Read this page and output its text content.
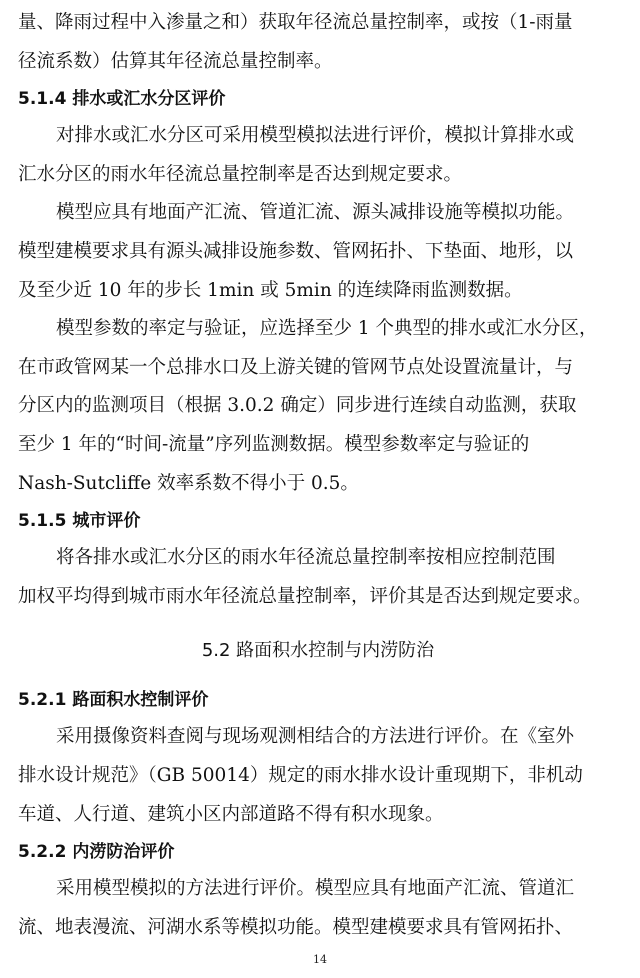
量、降雨过程中入渗量之和）获取年径流总量控制率，或按（1-雨量
径流系数）估算其年径流总量控制率。
5.1.4 排水或汇水分区评价
对排水或汇水分区可采用模型模拟法进行评价，模拟计算排水或
汇水分区的雨水年径流总量控制率是否达到规定要求。
模型应具有地面产汇流、管道汇流、源头减排设施等模拟功能。
模型建模要求具有源头减排设施参数、管网拓扑、下垫面、地形，以
及至少近 10 年的步长 1min 或 5min 的连续降雨监测数据。
模型参数的率定与验证，应选择至少 1 个典型的排水或汇水分区，
在市政管网某一个总排水口及上游关键的管网节点处设置流量计，与
分区内的监测项目（根据 3.0.2 确定）同步进行连续自动监测，获取
至少 1 年的“时间-流量”序列监测数据。模型参数率定与验证的
Nash-Sutcliffe 效率系数不得小于 0.5。
5.1.5 城市评价
将各排水或汇水分区的雨水年径流总量控制率按相应控制范围
加权平均得到城市雨水年径流总量控制率，评价其是否达到规定要求。
5.2 路面积水控制与内涝防治
5.2.1 路面积水控制评价
采用摄像资料查阅与现场观测相结合的方法进行评价。在《室外
排水设计规范》（GB 50014）规定的雨水排水设计重现期下，非机动
车道、人行道、建筑小区内部道路不得有积水现象。
5.2.2 内涝防治评价
采用模型模拟的方法进行评价。模型应具有地面产汇流、管道汇
流、地表漫流、河湖水系等模拟功能。模型建模要求具有管网拓扑、
14
